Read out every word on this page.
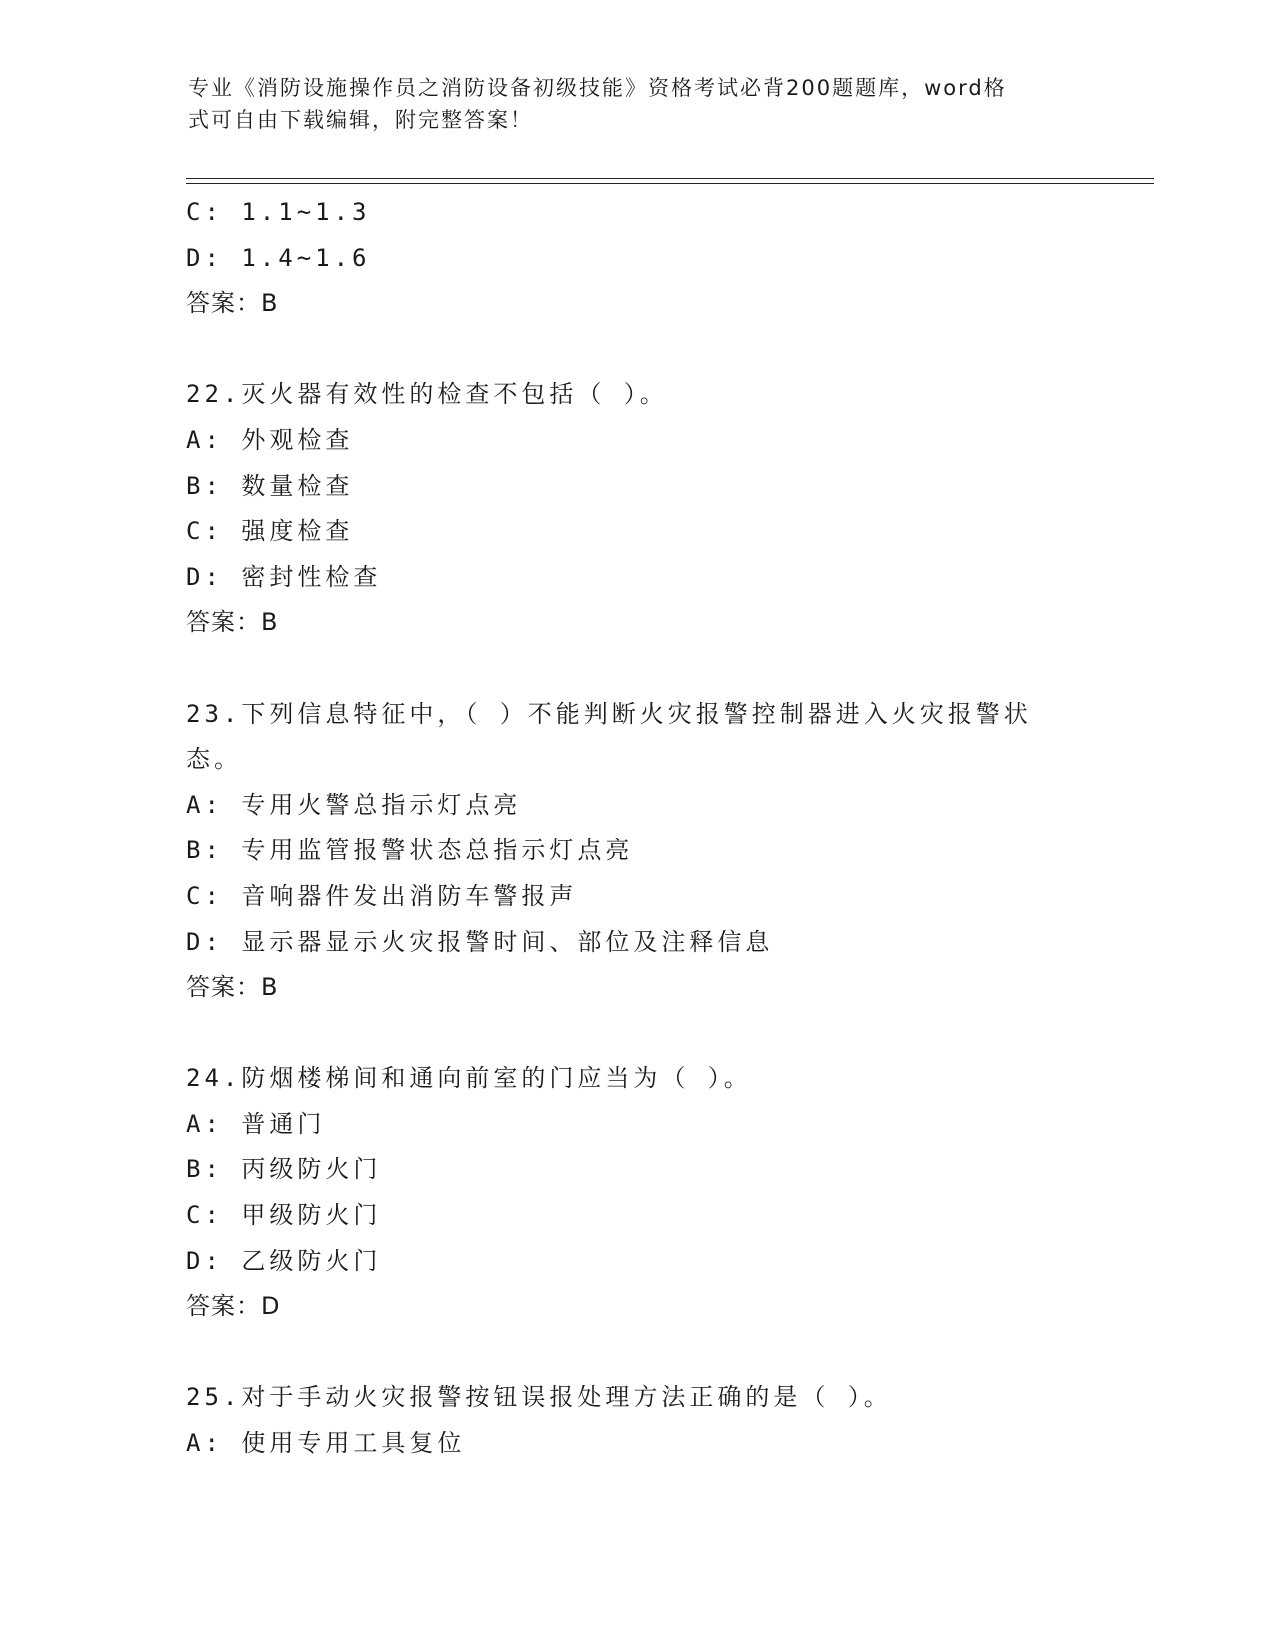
专业《消防设施操作员之消防设备初级技能》资格考试必背200题题库，word格
式可自由下载编辑，附完整答案！
C: 1.1~1.3
D: 1.4~1.6
答案：B
22.灭火器有效性的检查不包括（ ）。
A: 外观检查
B: 数量检查
C: 强度检查
D: 密封性检查
答案：B
23.下列信息特征中，（ ）不能判断火灾报警控制器进入火灾报警状
态。
A: 专用火警总指示灯点亮
B: 专用监管报警状态总指示灯点亮
C: 音响器件发出消防车警报声
D: 显示器显示火灾报警时间、部位及注释信息
答案：B
24.防烟楼梯间和通向前室的门应当为（ ）。
A: 普通门
B: 丙级防火门
C: 甲级防火门
D: 乙级防火门
答案：D
25.对于手动火灾报警按钮误报处理方法正确的是（ ）。
A: 使用专用工具复位
